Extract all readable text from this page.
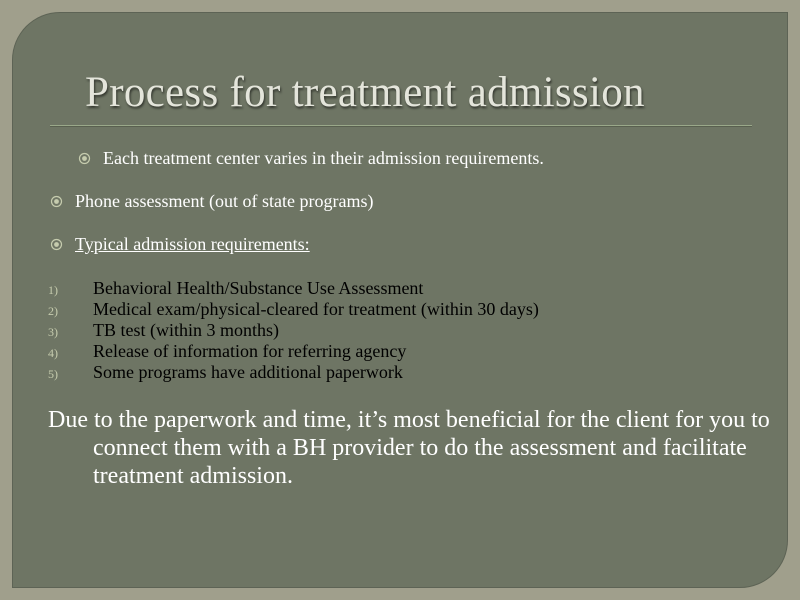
Process for treatment admission
Each treatment center varies in their admission requirements.
Phone assessment (out of state programs)
Typical admission requirements:
1)	Behavioral Health/Substance Use Assessment
2)	Medical exam/physical-cleared for treatment (within 30 days)
3)	TB test (within 3 months)
4)	Release of information for referring agency
5)	Some programs have additional paperwork

Due to the paperwork and time, it’s most beneficial for the client for you to connect them with a BH provider to do the assessment and facilitate treatment admission.
